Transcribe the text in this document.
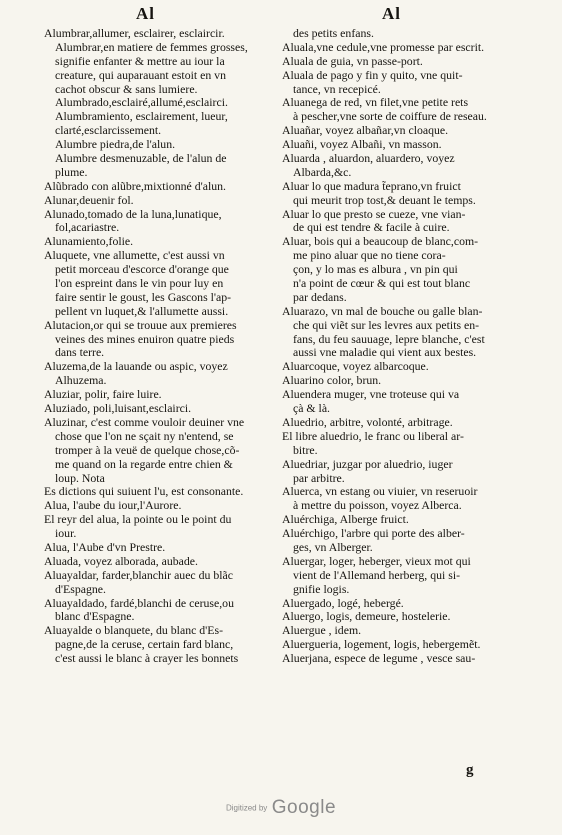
Al	Al
Alumbrar,allumer, esclairer, esclaircir.
Alumbrar,en matiere de femmes grosses,
signifie enfanter & mettre au iour la
creature, qui auparauant estoit en vn
cachot obscur & sans lumiere.
Alumbrado,esclairé,allumé,esclairci.
Alumbramiento, esclairement, lueur,
clarté,esclarcissement.
Alumbre piedra,de l'alun.
Alumbre desmenuzable, de l'alun de
plume.
Alũbrado con alũbre,mixtionné d'alun.
Alunar,deuenir fol.
Alunado,tomado de la luna,lunatique,
fol,acariastre.
Alunamiento,folie.
Aluquete, vne allumette, c'est aussi vn
petit morceau d'escorce d'orange que
l'on espreint dans le vin pour luy en
faire sentir le goust, les Gascons l'ap-
pellent vn luquet,& l'allumette aussi.
Alutacion,or qui se trouue aux premieres
veines des mines enuiron quatre pieds
dans terre.
Aluzema,de la lauande ou aspic, voyez
Alhuzema.
Aluziar, polir, faire luire.
Aluziado, poli,luisant,esclairci.
Aluzinar, c'est comme vouloir deuiner vne
chose que l'on ne sçait ny n'entend, se
tromper à la veuë de quelque chose,cõ-
me quand on la regarde entre chien &
loup. Nota
Es dictions qui suiuent l'u, est consonante.
Alua, l'aube du iour,l'Aurore.
El reyr del alua, la pointe ou le point du
iour.
Alua, l'Aube d'vn Prestre.
Aluada, voyez alborada, aubade.
Aluayaldar, farder,blanchir auec du blãc
d'Espagne.
Aluayaldado, fardé,blanchi de ceruse,ou
blanc d'Espagne.
Aluayalde o blanquete, du blanc d'Es-
pagne,de la ceruse, certain fard blanc,
c'est aussi le blanc à crayer les bonnets
des petits enfans.
Aluala,vne cedule,vne promesse par escrit.
Aluala de guia, vn passe-port.
Aluala de pago y fin y quito, vne quit-
tance, vn recepicé.
Aluanega de red, vn filet,vne petite rets
à pescher,vne sorte de coiffure de reseau.
Aluañar, voyez albañar,vn cloaque.
Aluañi, voyez Albañi, vn masson.
Aluarda , aluardon, aluardero, voyez
Albarda,&c.
Aluar lo que madura t̃eprano,vn fruict
qui meurit trop tost,& deuant le temps.
Aluar lo que presto se cueze, vne vian-
de qui est tendre & facile à cuire.
Aluar, bois qui a beaucoup de blanc,com-
me pino aluar que no tiene cora-
çon, y lo mas es albura , vn pin qui
n'a point de cœur & qui est tout blanc
par dedans.
Aluarazo, vn mal de bouche ou galle blan-
che qui viẽt sur les levres aux petits en-
fans, du feu sauuage, lepre blanche, c'est
aussi vne maladie qui vient aux bestes.
Aluarcoque, voyez albarcoque.
Aluarino color, brun.
Aluendera muger, vne troteuse qui va
çà & là.
Aluedrio, arbitre, volonté, arbitrage.
El libre aluedrio, le franc ou liberal ar-
bitre.
Aluedriar, juzgar por aluedrio, iuger
par arbitre.
Aluerca, vn estang ou viuier, vn reseruoir
à mettre du poisson, voyez Alberca.
Aluérchiga, Alberge fruict.
Aluérchigo, l'arbre qui porte des alber-
ges, vn Alberger.
Aluergar, loger, heberger, vieux mot qui
vient de l'Allemand herberg, qui si-
gnifie logis.
Aluergado, logé, hebergé.
Aluergo, logis, demeure, hostelerie.
Aluergue , idem.
Aluergueria, logement, logis, hebergemẽt.
Aluerjana, espece de legume , vesce sau-
g
Digitized by Google
